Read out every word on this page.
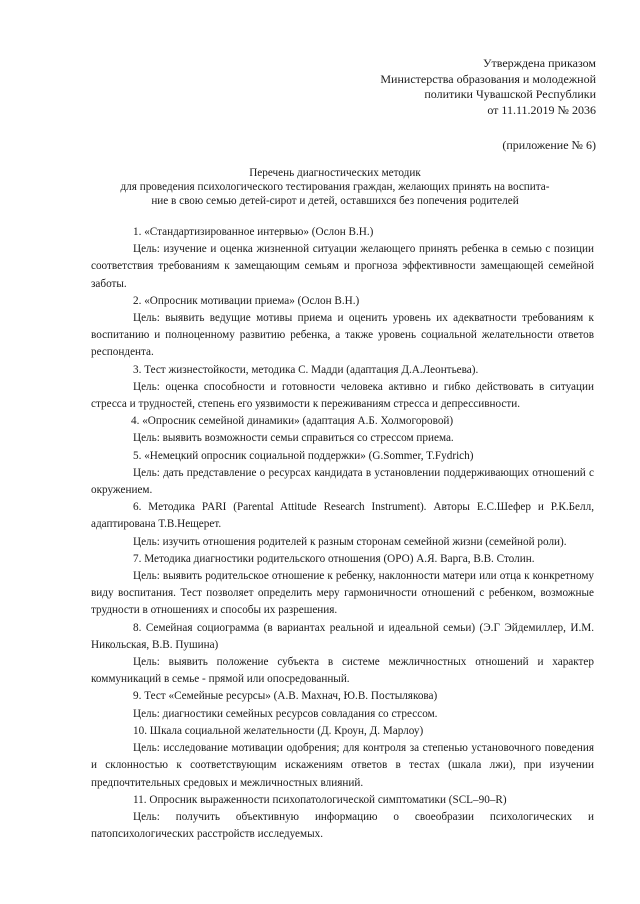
Утверждена приказом
Министерства образования и молодежной
политики Чувашской Республики
от 11.11.2019 № 2036
(приложение № 6)
Перечень диагностических методик
для проведения психологического тестирования граждан, желающих принять на воспита-
ние в свою семью детей-сирот и детей, оставшихся без попечения родителей

1. «Стандартизированное интервью» (Ослон В.Н.)

Цель: изучение и оценка жизненной ситуации желающего принять ребенка в семью с позиции соответствия требованиям к замещающим семьям и прогноза эффективности замещающей семейной заботы.

2. «Опросник мотивации приема» (Ослон В.Н.)

Цель: выявить ведущие мотивы приема и оценить уровень их адекватности требованиям к воспитанию и полноценному развитию ребенка, а также уровень социальной желательности ответов респондента.

3. Тест жизнестойкости, методика С. Мадди (адаптация Д.А.Леонтьева).

Цель: оценка способности и готовности человека активно и гибко действовать в ситуации стресса и трудностей, степень его уязвимости к переживаниям стресса и депрессивности.

4. «Опросник семейной динамики» (адаптация А.Б. Холмогоровой)

Цель: выявить возможности семьи справиться со стрессом приема.

5. «Немецкий опросник социальной поддержки» (G.Sommer, T.Fydrich)

Цель: дать представление о ресурсах кандидата в установлении поддерживающих отношений с окружением.

6. Методика PARI (Parental Attitude Research Instrument). Авторы Е.С.Шефер и Р.К.Белл, адаптирована Т.В.Нещерет.

Цель: изучить отношения родителей к разным сторонам семейной жизни (семейной роли).

7. Методика диагностики родительского отношения (ОРО) А.Я. Варга, В.В. Столин.

Цель: выявить родительское отношение к ребенку, наклонности матери или отца к конкретному виду воспитания. Тест позволяет определить меру гармоничности отношений с ребенком, возможные трудности в отношениях и способы их разрешения.

8. Семейная социограмма (в вариантах реальной и идеальной семьи) (Э.Г Эйдемиллер, И.М. Никольская, В.В. Пушина)

Цель: выявить положение субъекта в системе межличностных отношений и характер коммуникаций в семье - прямой или опосредованный.

9. Тест «Семейные ресурсы» (А.В. Махнач, Ю.В. Постылякова)

Цель: диагностики семейных ресурсов совладания со стрессом.

10. Шкала социальной желательности (Д. Кроун, Д. Марлоу)

Цель: исследование мотивации одобрения; для контроля за степенью установочного поведения и склонностью к соответствующим искажениям ответов в тестах (шкала лжи), при изучении предпочтительных средовых и межличностных влияний.

11. Опросник выраженности психопатологической симптоматики (SCL–90–R)

Цель: получить объективную информацию о своеобразии психологических и патопсихологических расстройств исследуемых.
